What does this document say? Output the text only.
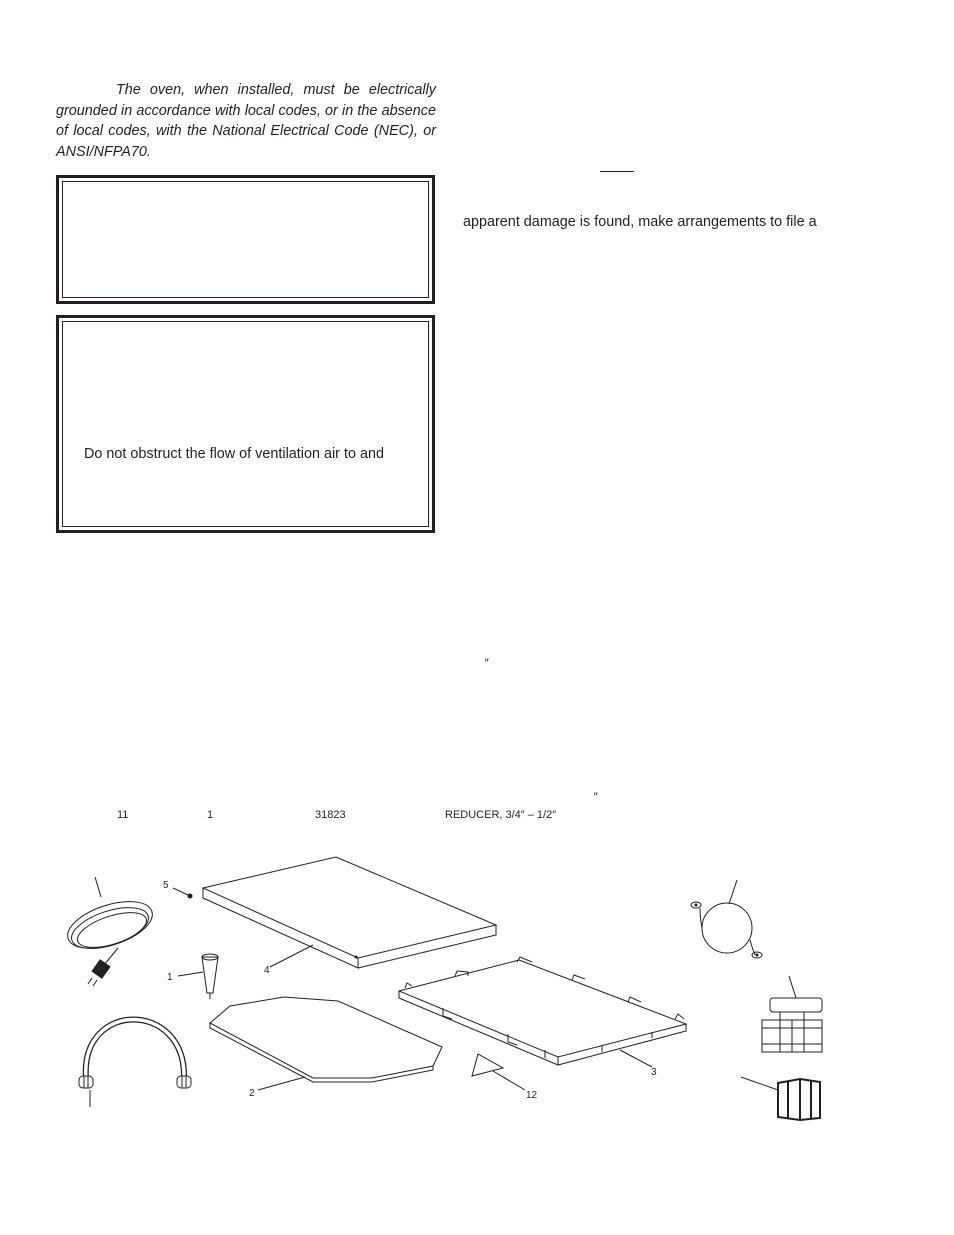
The oven, when installed, must be electrically grounded in accordance with local codes, or in the absence of local codes, with the National Electrical Code (NEC), or ANSI/NFPA70.

Do not obstruct the flow of ventilation air to and
apparent damage is found, make arrangements to file a
″
″
11	1	31823	REDUCER, 3/4″ – 1/2″
1
5
4
2
3
12
